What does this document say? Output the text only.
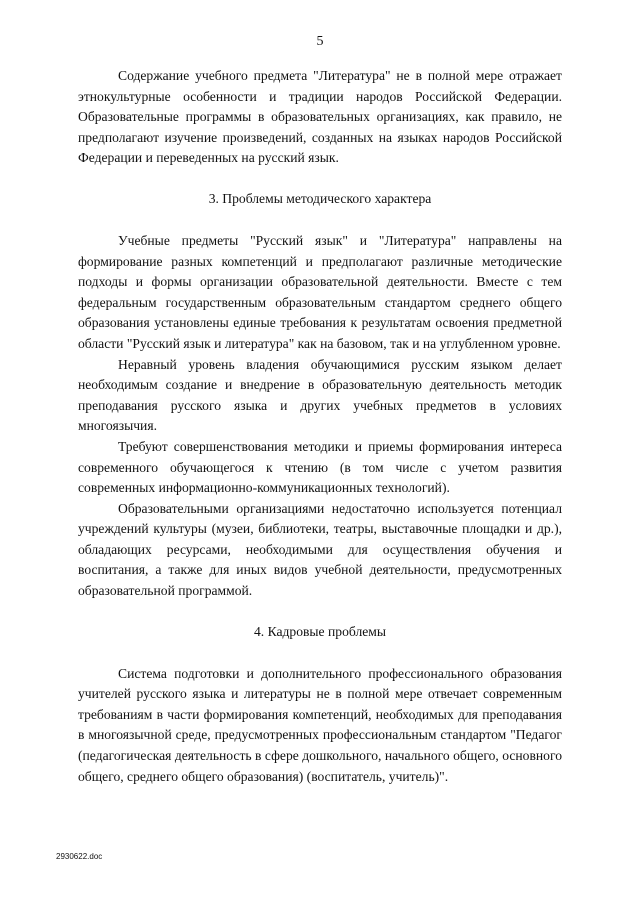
5

Содержание учебного предмета "Литература" не в полной мере отражает этнокультурные особенности и традиции народов Российской Федерации. Образовательные программы в образовательных организациях, как правило, не предполагают изучение произведений, созданных на языках народов Российской Федерации и переведенных на русский язык.

3. Проблемы методического характера

Учебные предметы "Русский язык" и "Литература" направлены на формирование разных компетенций и предполагают различные методические подходы и формы организации образовательной деятельности. Вместе с тем федеральным государственным образовательным стандартом среднего общего образования установлены единые требования к результатам освоения предметной области "Русский язык и литература" как на базовом, так и на углубленном уровне.

Неравный уровень владения обучающимися русским языком делает необходимым создание и внедрение в образовательную деятельность методик преподавания русского языка и других учебных предметов в условиях многоязычия.

Требуют совершенствования методики и приемы формирования интереса современного обучающегося к чтению (в том числе с учетом развития современных информационно-коммуникационных технологий).

Образовательными организациями недостаточно используется потенциал учреждений культуры (музеи, библиотеки, театры, выставочные площадки и др.), обладающих ресурсами, необходимыми для осуществления обучения и воспитания, а также для иных видов учебной деятельности, предусмотренных образовательной программой.

4. Кадровые проблемы

Система подготовки и дополнительного профессионального образования учителей русского языка и литературы не в полной мере отвечает современным требованиям в части формирования компетенций, необходимых для преподавания в многоязычной среде, предусмотренных профессиональным стандартом "Педагог (педагогическая деятельность в сфере дошкольного, начального общего, основного общего, среднего общего образования) (воспитатель, учитель)".

2930622.doc
